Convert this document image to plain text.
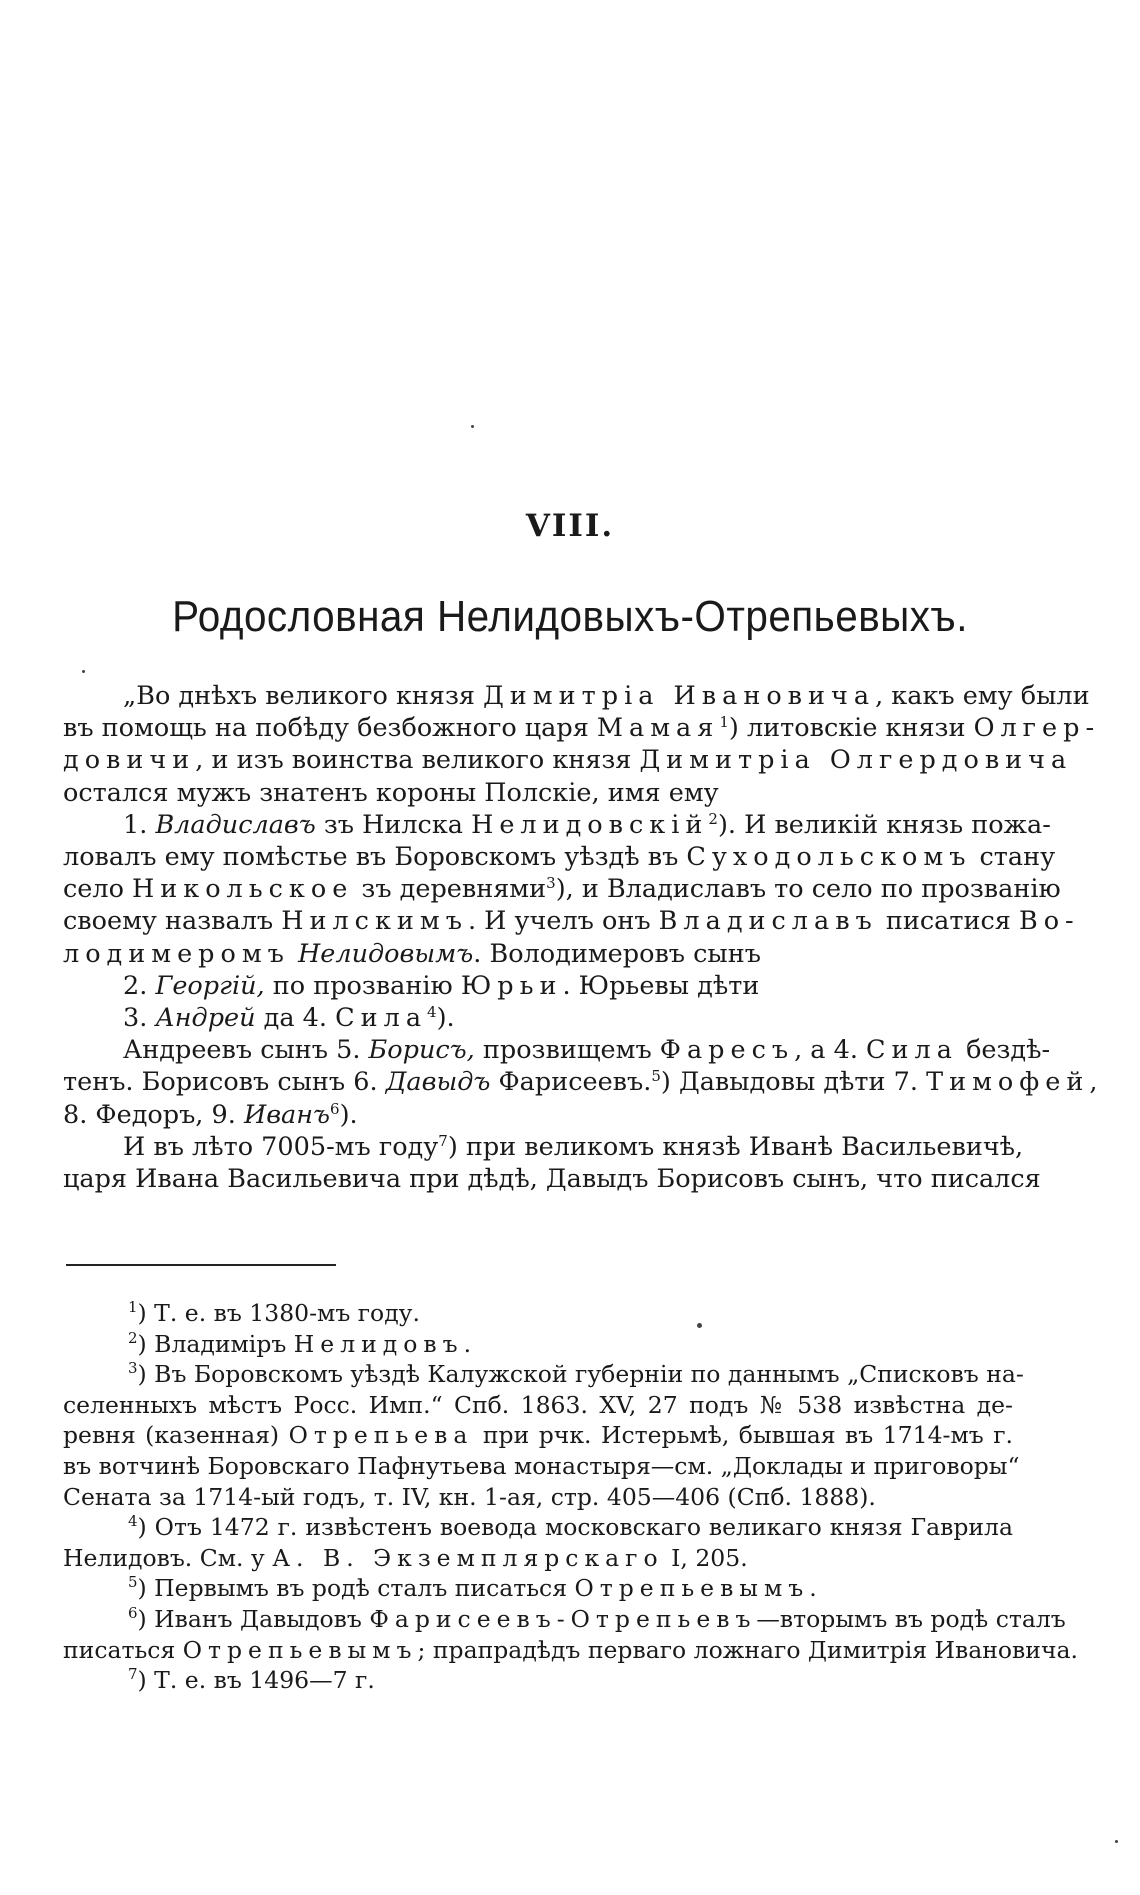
VIII.
Родословная Нелидовыхъ-Отрепьевыхъ.
„Во днѣхъ великого князя Димитріа Ивановича, какъ ему были
въ помощь на побѣду безбожного царя Мамая$^1$) литовскіе князи Олгер-
довичи, и изъ воинства великого князя Димитріа Олгердовича
остался мужъ знатенъ короны Полскіе, имя ему
1. Владиславъ зъ Нилска Нелидовскій$^2$). И великій князь пожа-
ловалъ ему помѣстье въ Боровскомъ уѣздѣ въ Суходольскомъ стану
село Никольское зъ деревнями$^3$), и Владиславъ то село по прозванію
своему назвалъ Нилскимъ. И учелъ онъ Владиславъ писатися Во-
лодимеромъ Нелидовымъ. Володимеровъ сынъ
2. Георгій, по прозванію Юрьи. Юрьевы дѣти
3. Андрей да 4. Сила$^4$).
Андреевъ сынъ 5. Борисъ, прозвищемъ Фаресъ, а 4. Сила бездѣ-
тенъ. Борисовъ сынъ 6. Давыдъ Фарисеевъ.$^5$) Давыдовы дѣти 7. Тимофей,
8. Федоръ, 9. Иванъ$^6$).
И въ лѣто 7005-мъ году$^7$) при великомъ князѣ Иванѣ Васильевичѣ,
царя Ивана Васильевича при дѣдѣ, Давыдъ Борисовъ сынъ, что писался
$^1$) Т. е. въ 1380-мъ году.
$^2$) Владиміръ Нелидовъ.
$^3$) Въ Боровскомъ уѣздѣ Калужской губерніи по даннымъ „Списковъ на-
селенныхъ мѣстъ Росс. Имп.“ Спб. 1863. XV, 27 подъ № 538 извѣстна де-
ревня (казенная) Отрепьева при рчк. Истерьмѣ, бывшая въ 1714-мъ г.
въ вотчинѣ Боровскаго Пафнутьева монастыря—см. „Доклады и приговоры“
Сената за 1714-ый годъ, т. IV, кн. 1-ая, стр. 405—406 (Спб. 1888).
$^4$) Отъ 1472 г. извѣстенъ воевода московскаго великаго князя Гаврила
Нелидовъ. См. у А. В. Экземплярскаго I, 205.
$^5$) Первымъ въ родѣ сталъ писаться Отрепьевымъ.
$^6$) Иванъ Давыдовъ Фарисеевъ-Отрепьевъ—вторымъ въ родѣ сталъ
писаться Отрепьевымъ; прапрадѣдъ перваго ложнаго Димитрія Ивановича.
$^7$) Т. е. въ 1496—7 г.
